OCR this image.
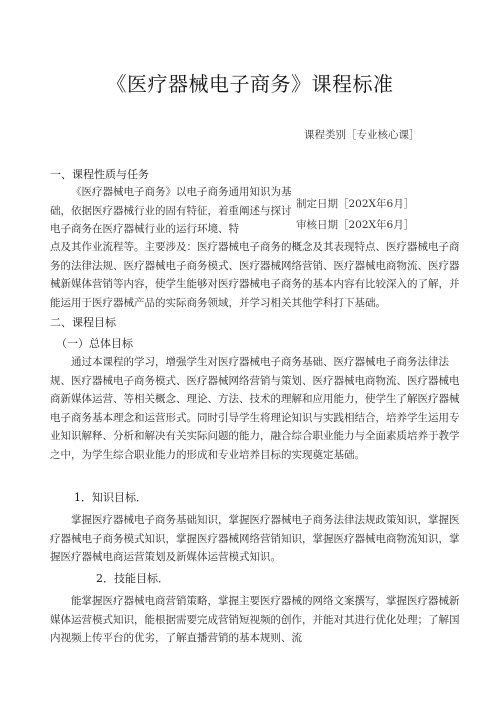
《医疗器械电子商务》课程标准
课程类别［专业核心课］
制定日期［202X年6月］
审核日期［202X年6月］
一、课程性质与任务
《医疗器械电子商务》以电子商务通用知识为基础，依据医疗器械行业的固有特征，着重阐述与探讨电子商务在医疗器械行业的运行环境、特
点及其作业流程等。主要涉及：医疗器械电子商务的概念及其表现特点、医疗器械电子商务的法律法规、医疗器械电子商务模式、医疗器械网络营销、医疗器械电商物流、医疗器械新媒体营销等内容，使学生能够对医疗器械电子商务的基本内容有比较深入的了解，并能运用于医疗器械产品的实际商务领域，并学习相关其他学科打下基础。
二、课程目标
（一）总体目标
通过本课程的学习，增强学生对医疗器械电子商务基础、医疗器械电子商务法律法规、医疗器械电子商务模式、医疗器械网络营销与策划、医疗器械电商物流、医疗器械电商新媒体运营、等相关概念、理论、方法、技术的理解和应用能力，使学生了解医疗器械电子商务基本理念和运营形式。同时引导学生将理论知识与实践相结合，培养学生运用专业知识解释、分析和解决有关实际问题的能力，融合综合职业能力与全面素质培养于教学之中，为学生综合职业能力的形成和专业培养目标的实现奠定基础。
1．知识目标．
掌握医疗器械电子商务基础知识，掌握医疗器械电子商务法律法规政策知识，掌握医疗器械电子商务模式知识，掌握医疗器械网络营销知识，掌握医疗器械电商物流知识，掌握医疗器械电商运营策划及新媒体运营模式知识。
2．技能目标．
能掌握医疗器械电商营销策略，掌握主要医疗器械的网络文案撰写，掌握医疗器械新媒体运营模式知识，能根据需要完成营销短视频的创作，并能对其进行优化处理；了解国内视频上传平台的优劣，了解直播营销的基本规则、流
